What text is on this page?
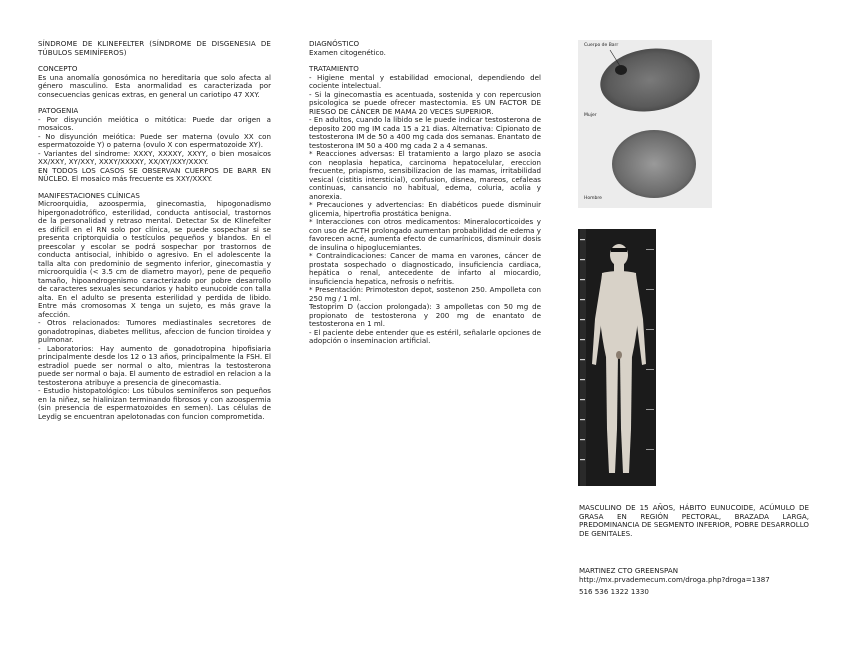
SÍNDROME DE KLINEFELTER (SÍNDROME DE DISGENESIA DE TÚBULOS SEMINÍFEROS)

CONCEPTO

Es una anomalía gonosómica no hereditaria que solo afecta al género masculino. Esta anormalidad es caracterizada por consecuencias genicas extras, en general un cariotipo 47 XXY.

PATOGENIA

- Por disyunción meiótica o mitótica: Puede dar origen a mosaicos.

- No disyunción meiótica: Puede ser materna (ovulo XX con espermatozoide Y) o paterna (ovulo X con espermatozoide XY).

- Variantes del sindrome: XXXY, XXXXY, XXYY, o bien mosaicos XX/XXY, XY/XXY, XXXY/XXXXY, XX/XY/XXY/XXXY.

EN TODOS LOS CASOS SE OBSERVAN CUERPOS DE BARR EN NÚCLEO. El mosaico más frecuente es XXY/XXXY.

MANIFESTACIONES CLÍNICAS

Microorquidia, azoospermia, ginecomastia, hipogonadismo hipergonadotrófico, esterilidad, conducta antisocial, trastornos de la personalidad y retraso mental. Detectar Sx de Klinefelter es difícil en el RN solo por clínica, se puede sospechar si se presenta criptorquidia o testículos pequeños y blandos. En el preescolar y escolar se podrá sospechar por trastornos de conducta antisocial, inhibido o agresivo. En el adolescente la talla alta con predominio de segmento inferior, ginecomastia y microorquidia (< 3.5 cm de diametro mayor), pene de pequeño tamaño, hipoandrogenismo caracterizado por pobre desarrollo de caracteres sexuales secundarios y habito eunucoide con talla alta. En el adulto se presenta esterilidad y perdida de libido. Entre más cromosomas X tenga un sujeto, es más grave la afección.

- Otros relacionados: Tumores mediastinales secretores de gonadotropinas, diabetes mellitus, afeccion de funcion tiroidea y pulmonar.

- Laboratorios: Hay aumento de gonadotropina hipofisiaria principalmente desde los 12 o 13 años, principalmente la FSH. El estradiol puede ser normal o alto, mientras la testosterona puede ser normal o baja. El aumento de estradiol en relacion a la testosterona atribuye a presencia de ginecomastia.

- Estudio histopatológico: Los túbulos seminíferos son pequeños en la niñez, se hialinizan terminando fibrosos y con azoospermia (sin presencia de espermatozoides en semen). Las células de Leydig se encuentran apelotonadas con funcion comprometida.

DIAGNÓSTICO

Examen citogenético.

TRATAMIENTO

- Higiene mental y estabilidad emocional, dependiendo del cociente intelectual.

- Si la ginecomastia es acentuada, sostenida y con repercusion psicologica se puede ofrecer mastectomia. ES UN FACTOR DE RIESGO DE CÁNCER DE MAMA 20 VECES SUPERIOR.

- En adultos, cuando la libido se le puede indicar testosterona de deposito 200 mg IM cada 15 a 21 dias. Alternativa: Cipionato de testosterona IM de 50 a 400 mg cada dos semanas. Enantato de testosterona IM 50 a 400 mg cada 2 a 4 semanas.

* Reacciones adversas: El tratamiento a largo plazo se asocia con neoplasia hepatica, carcinoma hepatocelular, ereccion frecuente, priapismo, sensibilizacion de las mamas, irritabilidad vesical (cistitis intersticial), confusion, disnea, mareos, cefaleas continuas, cansancio no habitual, edema, coluria, acolia y anorexia.

* Precauciones y advertencias: En diabéticos puede disminuir glicemia, hipertrofia prostática benigna.

* Interacciones con otros medicamentos: Mineralocorticoides y con uso de ACTH prolongado aumentan probabilidad de edema y favorecen acné, aumenta efecto de cumarínicos, disminuir dosis de insulina o hipoglucemiantes.

* Contraindicaciones: Cancer de mama en varones, cáncer de prostata sospechado o diagnosticado, insuficiencia cardiaca, hepática o renal, antecedente de infarto al miocardio, insuficiencia hepatica, nefrosis o nefritis.

* Presentación: Primoteston depot, sostenon 250. Ampolleta con 250 mg / 1 ml.

Testoprim D (accion prolongada): 3 ampolletas con 50 mg de propionato de testosterona y 200 mg de enantato de testosterona en 1 ml.

- El paciente debe entender que es estéril, señalarle opciones de adopción o inseminacion artificial.

Cuerpo de Barr
Mujer
Hombre

MASCULINO DE 15 AÑOS, HÁBITO EUNUCOIDE, ACÚMULO DE GRASA EN REGIÓN PECTORAL, BRAZADA LARGA, PREDOMINANCIA DE SEGMENTO INFERIOR, POBRE DESARROLLO DE GENITALES.

MARTINEZ CTO GREENSPAN

http://mx.prvademecum.com/droga.php?droga=1387

516 536 1322 1330
